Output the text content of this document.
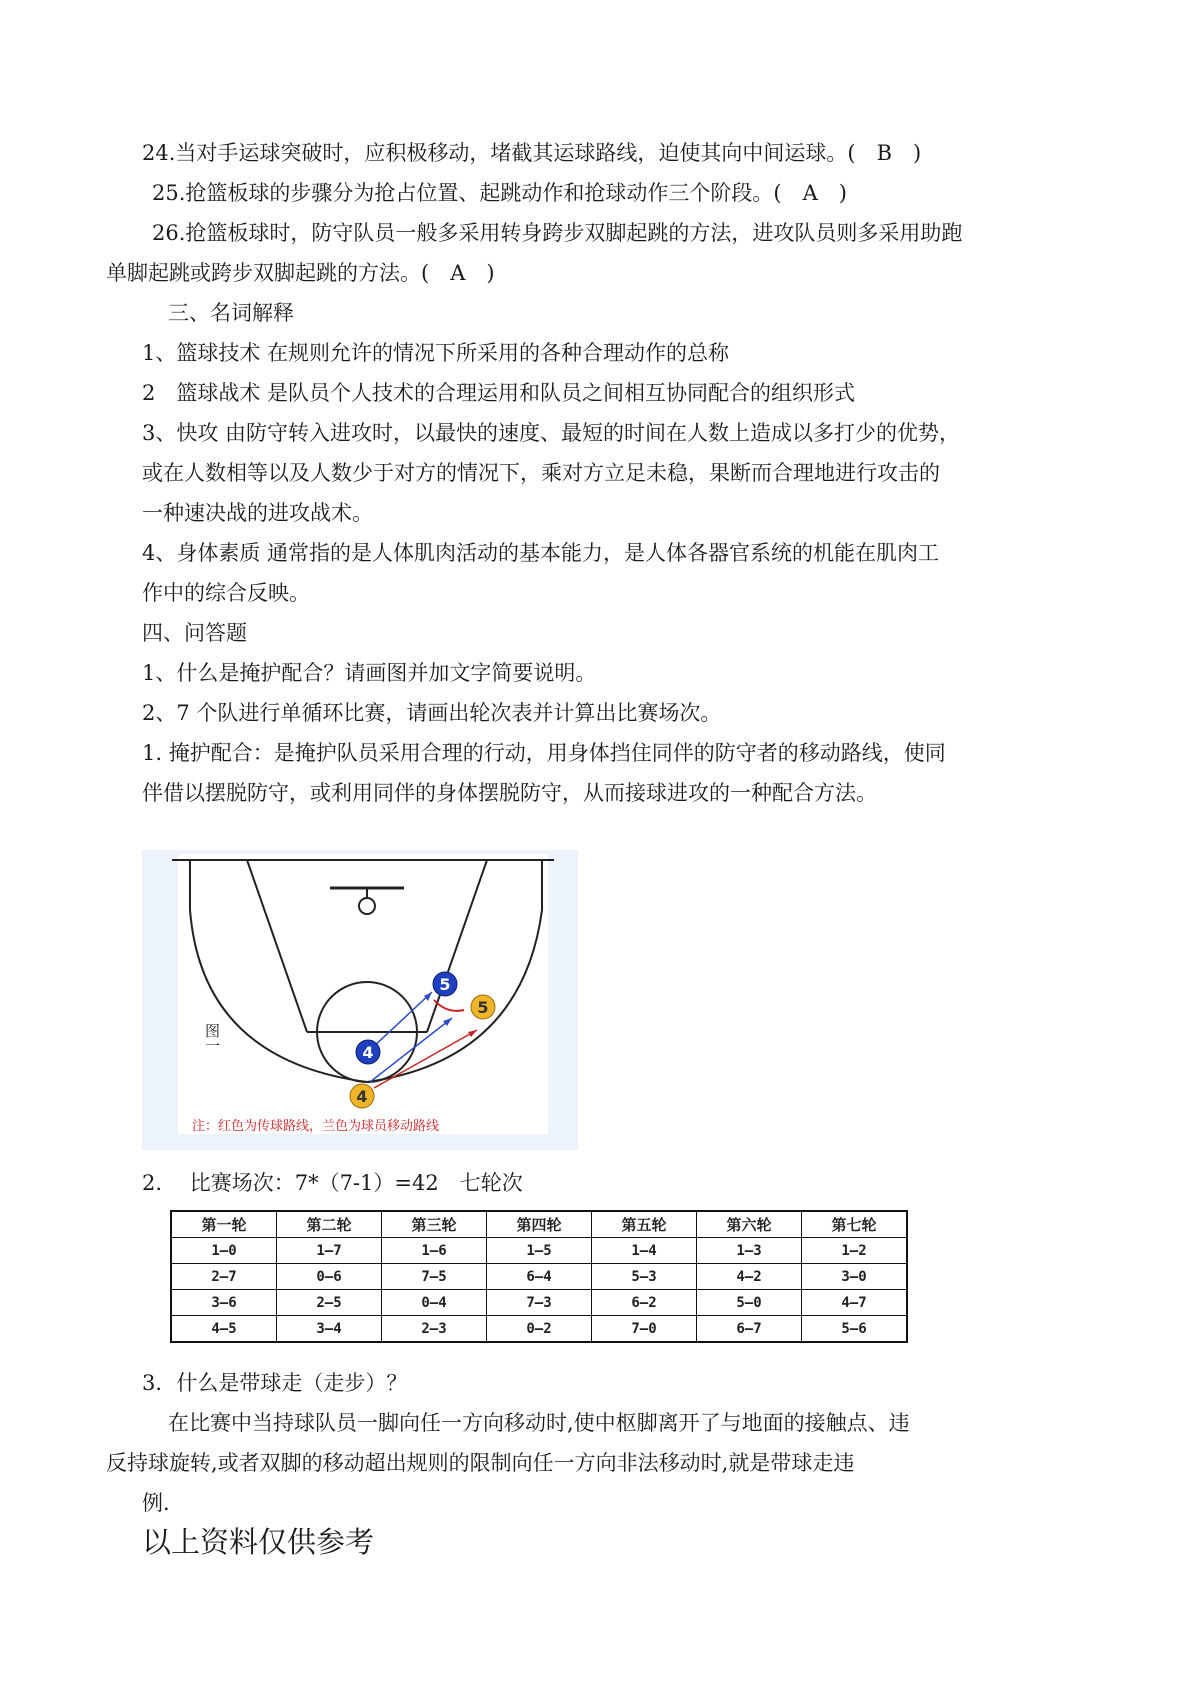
24.当对手运球突破时，应积极移动，堵截其运球路线，迫使其向中间运球。(　B　)
25.抢篮板球的步骤分为抢占位置、起跳动作和抢球动作三个阶段。(　A　)
26.抢篮板球时，防守队员一般多采用转身跨步双脚起跳的方法，进攻队员则多采用助跑
单脚起跳或跨步双脚起跳的方法。(　A　)
三、名词解释
1、篮球技术 在规则允许的情况下所采用的各种合理动作的总称
2　篮球战术 是队员个人技术的合理运用和队员之间相互协同配合的组织形式
3、快攻 由防守转入进攻时，以最快的速度、最短的时间在人数上造成以多打少的优势，
或在人数相等以及人数少于对方的情况下，乘对方立足未稳，果断而合理地进行攻击的
一种速决战的进攻战术。
4、身体素质 通常指的是人体肌肉活动的基本能力，是人体各器官系统的机能在肌肉工
作中的综合反映。
四、问答题
1、什么是掩护配合？请画图并加文字简要说明。
2、7 个队进行单循环比赛，请画出轮次表并计算出比赛场次。
1. 掩护配合：是掩护队员采用合理的行动，用身体挡住同伴的防守者的移动路线，使同
伴借以摆脱防守，或利用同伴的身体摆脱防守，从而接球进攻的一种配合方法。
5
5
4
4
图一
注：红色为传球路线，兰色为球员移动路线
2.　 比赛场次：7*（7-1）=42　七轮次
第一轮	第二轮	第三轮	第四轮	第五轮	第六轮	第七轮
1—0	1—7	1—6	1—5	1—4	1—3	1—2
2—7	0—6	7—5	6—4	5—3	4—2	3—0
3—6	2—5	0—4	7—3	6—2	5—0	4—7
4—5	3—4	2—3	0—2	7—0	6—7	5—6
3．什么是带球走（走步）？
在比赛中当持球队员一脚向任一方向移动时,使中枢脚离开了与地面的接触点、违
反持球旋转,或者双脚的移动超出规则的限制向任一方向非法移动时,就是带球走违
例.
以上资料仅供参考
